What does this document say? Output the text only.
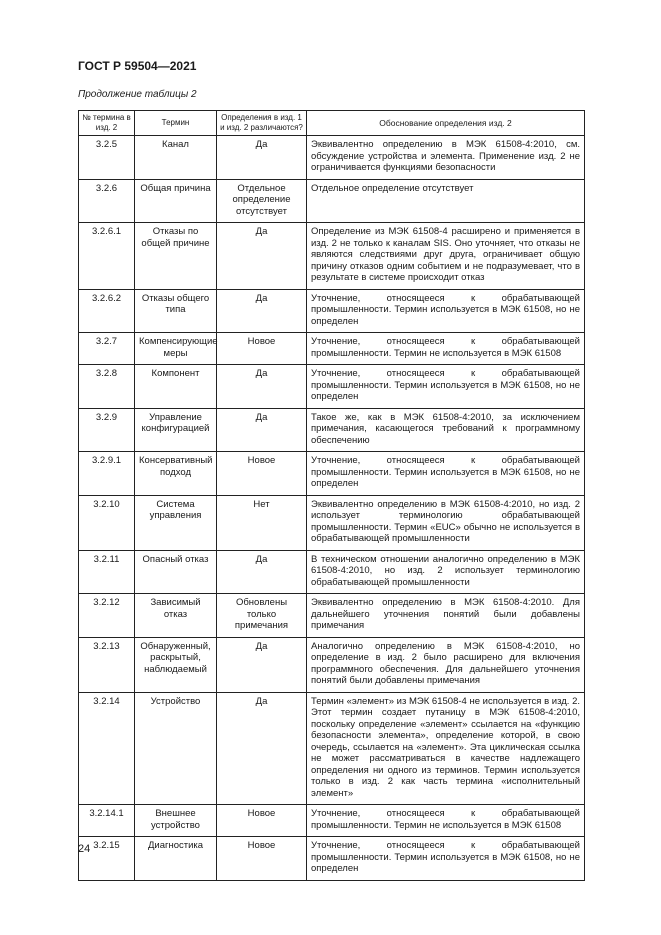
ГОСТ Р 59504—2021
Продолжение таблицы 2
№ термина в изд. 2	Термин	Определения в изд. 1 и изд. 2 различаются?	Обоснование определения изд. 2
3.2.5	Канал	Да	Эквивалентно определению в МЭК 61508-4:2010, см. обсуждение устройства и элемента. Применение изд. 2 не ограничивается функциями безопасности
3.2.6	Общая причина	Отдельное определение отсутствует	Отдельное определение отсутствует
3.2.6.1	Отказы по общей причине	Да	Определение из МЭК 61508-4 расширено и применяется в изд. 2 не только к каналам SIS. Оно уточняет, что отказы не являются следствиями друг друга, ограничивает общую причину отказов одним событием и не подразумевает, что в результате в системе происходит отказ
3.2.6.2	Отказы общего типа	Да	Уточнение, относящееся к обрабатывающей промышленности. Термин используется в МЭК 61508, но не определен
3.2.7	Компенсирующие меры	Новое	Уточнение, относящееся к обрабатывающей промышленности. Термин не используется в МЭК 61508
3.2.8	Компонент	Да	Уточнение, относящееся к обрабатывающей промышленности. Термин используется в МЭК 61508, но не определен
3.2.9	Управление конфигурацией	Да	Такое же, как в МЭК 61508-4:2010, за исключением примечания, касающегося требований к программному обеспечению
3.2.9.1	Консервативный подход	Новое	Уточнение, относящееся к обрабатывающей промышленности. Термин используется в МЭК 61508, но не определен
3.2.10	Система управления	Нет	Эквивалентно определению в МЭК 61508-4:2010, но изд. 2 использует терминологию обрабатывающей промышленности. Термин «EUC» обычно не используется в обрабатывающей промышленности
3.2.11	Опасный отказ	Да	В техническом отношении аналогично определению в МЭК 61508-4:2010, но изд. 2 использует терминологию обрабатывающей промышленности
3.2.12	Зависимый отказ	Обновлены только примечания	Эквивалентно определению в МЭК 61508-4:2010. Для дальнейшего уточнения понятий были добавлены примечания
3.2.13	Обнаруженный, раскрытый, наблюдаемый	Да	Аналогично определению в МЭК 61508-4:2010, но определение в изд. 2 было расширено для включения программного обеспечения. Для дальнейшего уточнения понятий были добавлены примечания
3.2.14	Устройство	Да	Термин «элемент» из МЭК 61508-4 не используется в изд. 2. Этот термин создает путаницу в МЭК 61508-4:2010, поскольку определение «элемент» ссылается на «функцию безопасности элемента», определение которой, в свою очередь, ссылается на «элемент». Эта циклическая ссылка не может рассматриваться в качестве надлежащего определения ни одного из терминов. Термин используется только в изд. 2 как часть термина «исполнительный элемент»
3.2.14.1	Внешнее устройство	Новое	Уточнение, относящееся к обрабатывающей промышленности. Термин не используется в МЭК 61508
3.2.15	Диагностика	Новое	Уточнение, относящееся к обрабатывающей промышленности. Термин используется в МЭК 61508, но не определен
24
